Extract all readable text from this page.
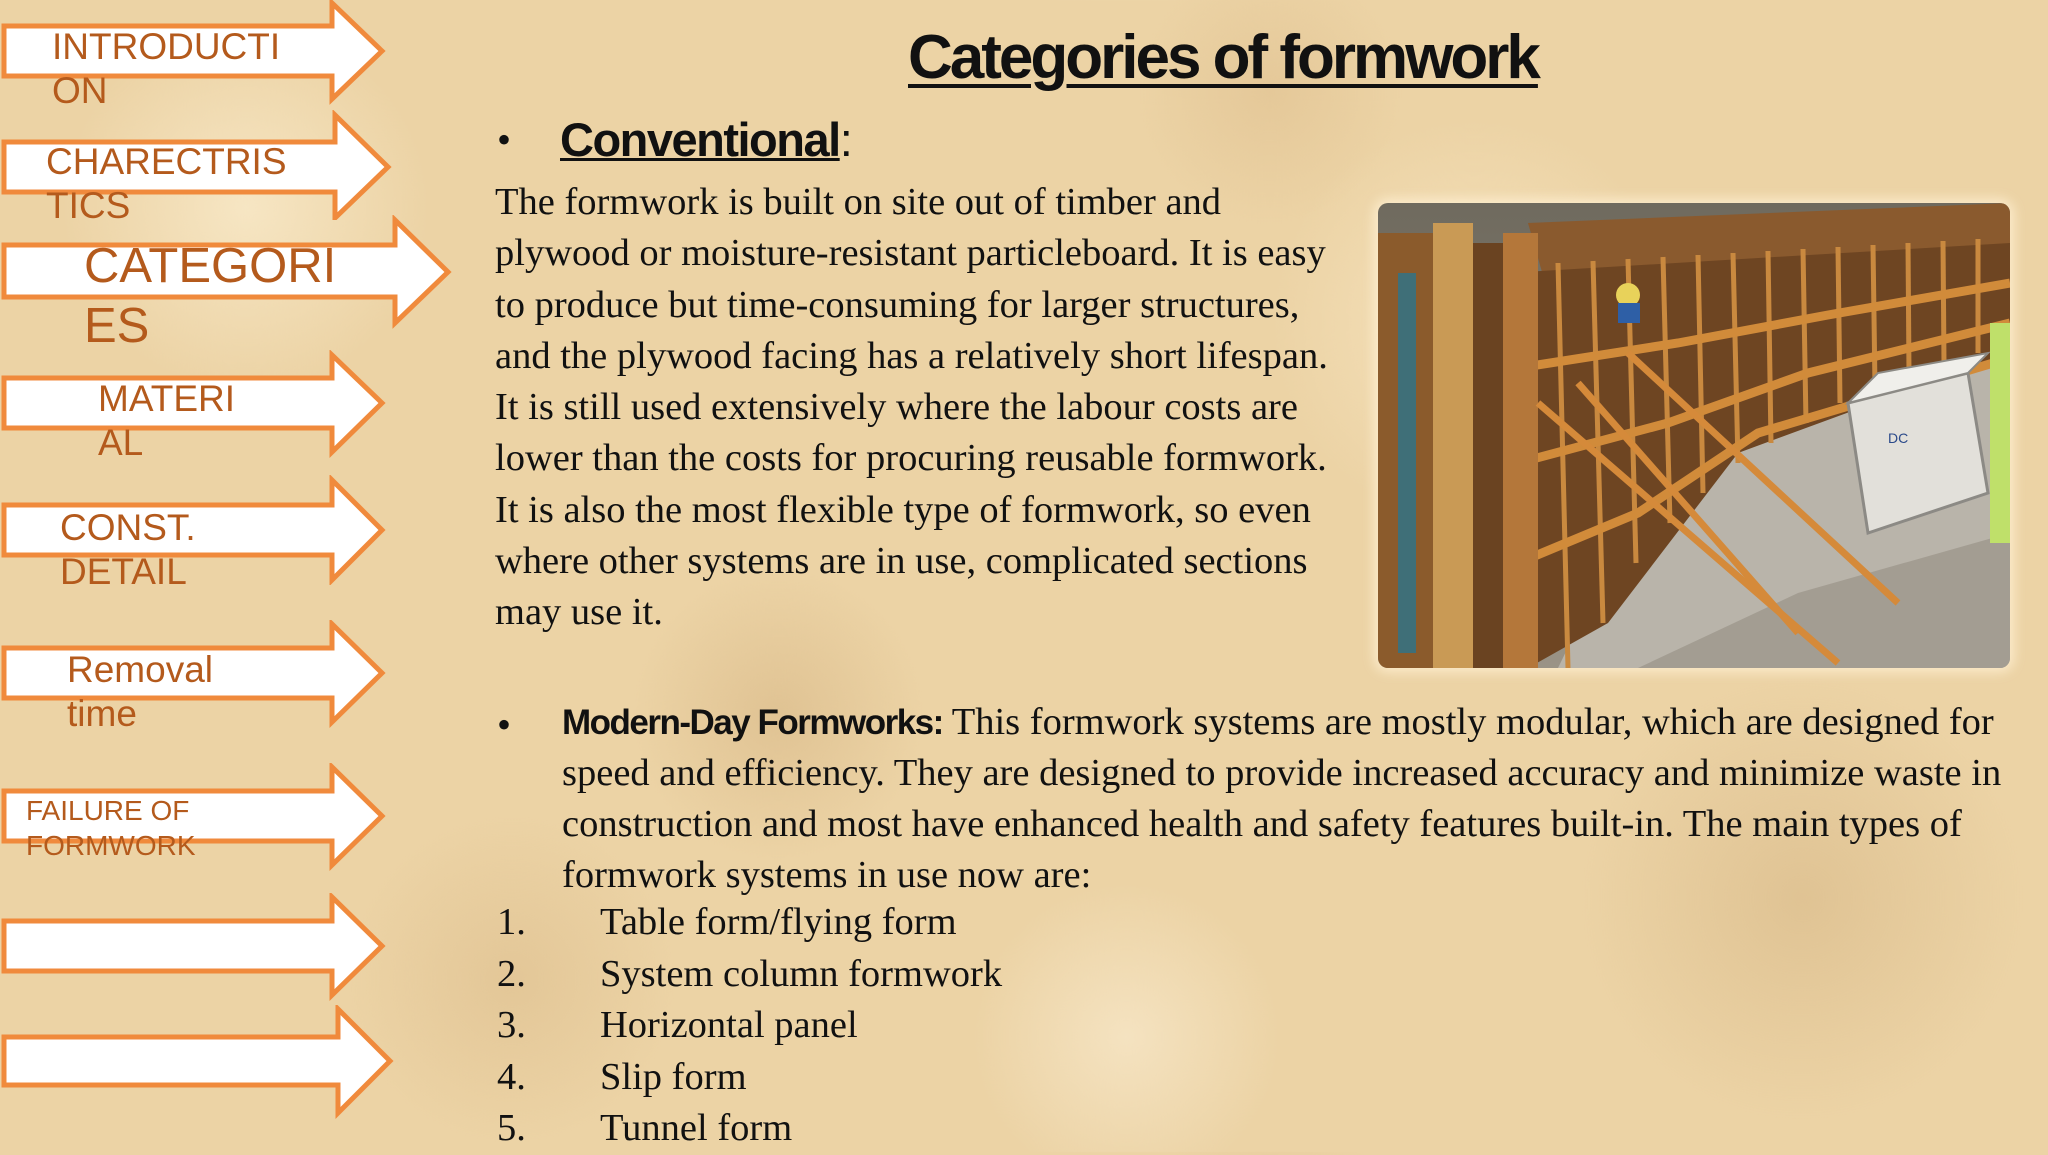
INTRODUCTI
ON
CHARECTRIS
TICS
CATEGORI
ES
MATERI
AL
CONST.
DETAIL
Removal
time
FAILURE OF
FORMWORK
Categories of formwork
• Conventional:
The formwork is built on site out of timber and plywood or moisture-resistant particleboard. It is easy to produce but time-consuming for larger structures, and the plywood facing has a relatively short lifespan. It is still used extensively where the labour costs are lower than the costs for procuring reusable formwork. It is also the most flexible type of formwork, so even where other systems are in use, complicated sections may use it.
DC
• Modern-Day Formworks: This formwork systems are mostly modular, which are designed for speed and efficiency. They are designed to provide increased accuracy and minimize waste in construction and most have enhanced health and safety features built-in. The main types of formwork systems in use now are:
1. Table form/flying form
2. System column formwork
3. Horizontal panel
4. Slip form
5. Tunnel form
